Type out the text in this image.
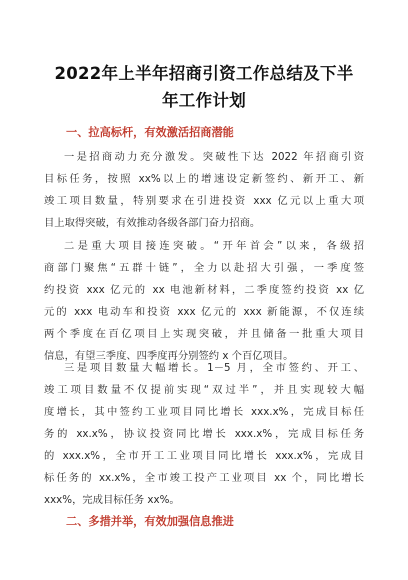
2022年上半年招商引资工作总结及下半
年工作计划
一、拉高标杆，有效激活招商潜能
一是招商动力充分激发。突破性下达 2022 年招商引资
目标任务，按照 xx%以上的增速设定新签约、新开工、新
竣工项目数量，特别要求在引进投资 xxx 亿元以上重大项
目上取得突破，有效推动各级各部门奋力招商。
二是重大项目接连突破。“开年首会”以来，各级招
商部门聚焦“五群十链”，全力以赴招大引强，一季度签
约投资 xxx 亿元的 xx 电池新材料，二季度签约投资 xx 亿
元的 xxx 电动车和投资 xxx 亿元的 xxx 新能源，不仅连续
两个季度在百亿项目上实现突破，并且储备一批重大项目
信息，有望三季度、四季度再分别签约 x 个百亿项目。
三是项目数量大幅增长。1－5 月，全市签约、开工、
竣工项目数量不仅提前实现“双过半”，并且实现较大幅
度增长，其中签约工业项目同比增长 xxx.x%，完成目标任
务的 xx.x%，协议投资同比增长 xxx.x%，完成目标任务
的 xxx.x%，全市开工工业项目同比增长 xxx.x%，完成目
标任务的 xx.x%，全市竣工投产工业项目 xx 个，同比增长
xxx%，完成目标任务 xx%。
二、多措并举，有效加强信息推进
